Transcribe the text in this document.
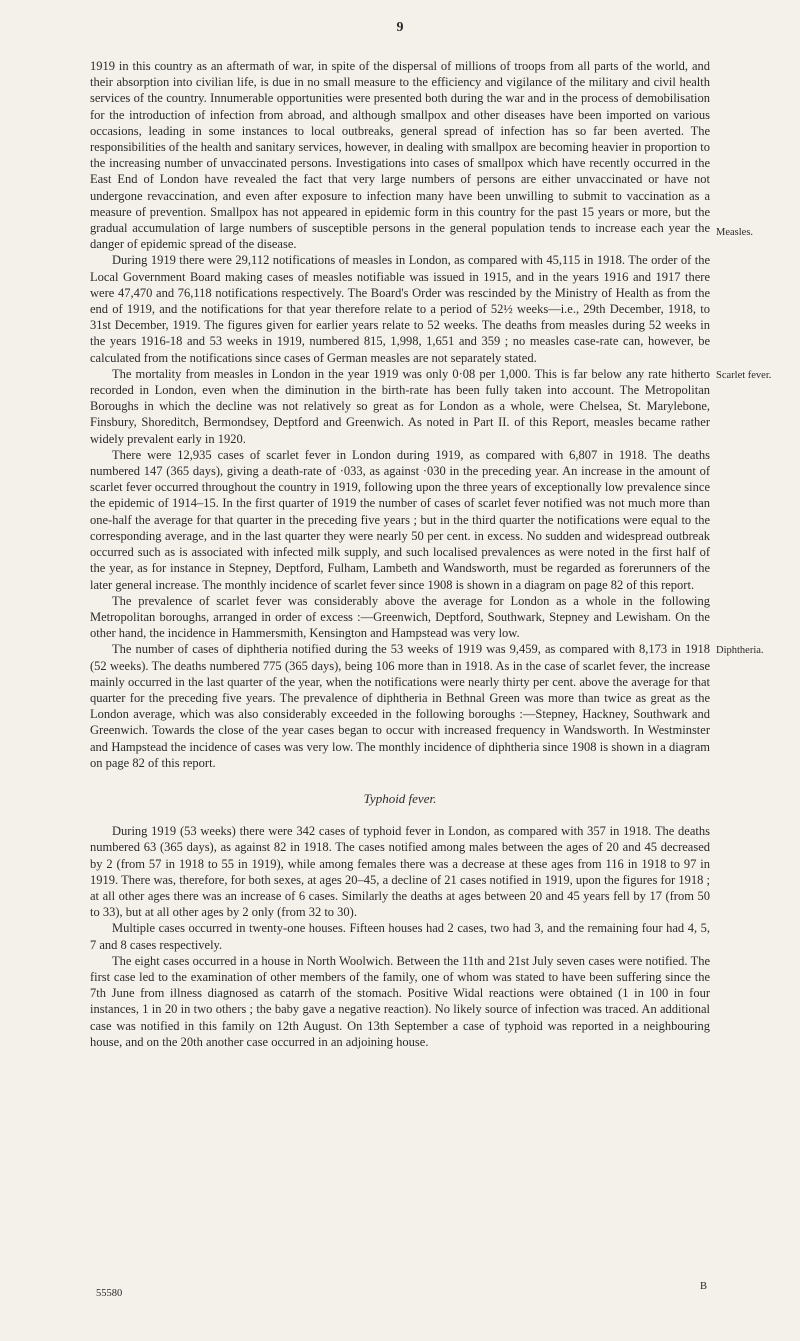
9

1919 in this country as an aftermath of war, in spite of the dispersal of millions of troops from all parts of the world, and their absorption into civilian life, is due in no small measure to the efficiency and vigilance of the military and civil health services of the country. Innumerable opportunities were presented both during the war and in the process of demobilisation for the introduction of infection from abroad, and although smallpox and other diseases have been imported on various occasions, leading in some instances to local outbreaks, general spread of infection has so far been averted. The responsibilities of the health and sanitary services, however, in dealing with smallpox are becoming heavier in proportion to the increasing number of unvaccinated persons. Investigations into cases of smallpox which have recently occurred in the East End of London have revealed the fact that very large numbers of persons are either unvaccinated or have not undergone revaccination, and even after exposure to infection many have been unwilling to submit to vaccination as a measure of prevention. Smallpox has not appeared in epidemic form in this country for the past 15 years or more, but the gradual accumulation of large numbers of susceptible persons in the general population tends to increase each year the danger of epidemic spread of the disease.

During 1919 there were 29,112 notifications of measles in London, as compared with 45,115 in 1918. The order of the Local Government Board making cases of measles notifiable was issued in 1915, and in the years 1916 and 1917 there were 47,470 and 76,118 notifications respectively. The Board's Order was rescinded by the Ministry of Health as from the end of 1919, and the notifications for that year therefore relate to a period of 52½ weeks—i.e., 29th December, 1918, to 31st December, 1919. The figures given for earlier years relate to 52 weeks. The deaths from measles during 52 weeks in the years 1916-18 and 53 weeks in 1919, numbered 815, 1,998, 1,651 and 359 ; no measles case-rate can, however, be calculated from the notifications since cases of German measles are not separately stated.

The mortality from measles in London in the year 1919 was only 0·08 per 1,000. This is far below any rate hitherto recorded in London, even when the diminution in the birth-rate has been fully taken into account. The Metropolitan Boroughs in which the decline was not relatively so great as for London as a whole, were Chelsea, St. Marylebone, Finsbury, Shoreditch, Bermondsey, Deptford and Greenwich. As noted in Part II. of this Report, measles became rather widely prevalent early in 1920.

There were 12,935 cases of scarlet fever in London during 1919, as compared with 6,807 in 1918. The deaths numbered 147 (365 days), giving a death-rate of ·033, as against ·030 in the preceding year. An increase in the amount of scarlet fever occurred throughout the country in 1919, following upon the three years of exceptionally low prevalence since the epidemic of 1914–15. In the first quarter of 1919 the number of cases of scarlet fever notified was not much more than one-half the average for that quarter in the preceding five years ; but in the third quarter the notifications were equal to the corresponding average, and in the last quarter they were nearly 50 per cent. in excess. No sudden and widespread outbreak occurred such as is associated with infected milk supply, and such localised prevalences as were noted in the first half of the year, as for instance in Stepney, Deptford, Fulham, Lambeth and Wandsworth, must be regarded as forerunners of the later general increase. The monthly incidence of scarlet fever since 1908 is shown in a diagram on page 82 of this report.

The prevalence of scarlet fever was considerably above the average for London as a whole in the following Metropolitan boroughs, arranged in order of excess :—Greenwich, Deptford, Southwark, Stepney and Lewisham. On the other hand, the incidence in Hammersmith, Kensington and Hampstead was very low.

The number of cases of diphtheria notified during the 53 weeks of 1919 was 9,459, as compared with 8,173 in 1918 (52 weeks). The deaths numbered 775 (365 days), being 106 more than in 1918. As in the case of scarlet fever, the increase mainly occurred in the last quarter of the year, when the notifications were nearly thirty per cent. above the average for that quarter for the preceding five years. The prevalence of diphtheria in Bethnal Green was more than twice as great as the London average, which was also considerably exceeded in the following boroughs :—Stepney, Hackney, Southwark and Greenwich. Towards the close of the year cases began to occur with increased frequency in Wandsworth. In Westminster and Hampstead the incidence of cases was very low. The monthly incidence of diphtheria since 1908 is shown in a diagram on page 82 of this report.

Typhoid fever.

During 1919 (53 weeks) there were 342 cases of typhoid fever in London, as compared with 357 in 1918. The deaths numbered 63 (365 days), as against 82 in 1918. The cases notified among males between the ages of 20 and 45 decreased by 2 (from 57 in 1918 to 55 in 1919), while among females there was a decrease at these ages from 116 in 1918 to 97 in 1919. There was, therefore, for both sexes, at ages 20–45, a decline of 21 cases notified in 1919, upon the figures for 1918 ; at all other ages there was an increase of 6 cases. Similarly the deaths at ages between 20 and 45 years fell by 17 (from 50 to 33), but at all other ages by 2 only (from 32 to 30).

Multiple cases occurred in twenty-one houses. Fifteen houses had 2 cases, two had 3, and the remaining four had 4, 5, 7 and 8 cases respectively.

The eight cases occurred in a house in North Woolwich. Between the 11th and 21st July seven cases were notified. The first case led to the examination of other members of the family, one of whom was stated to have been suffering since the 7th June from illness diagnosed as catarrh of the stomach. Positive Widal reactions were obtained (1 in 100 in four instances, 1 in 20 in two others ; the baby gave a negative reaction). No likely source of infection was traced. An additional case was notified in this family on 12th August. On 13th September a case of typhoid was reported in a neighbouring house, and on the 20th another case occurred in an adjoining house.

Measles.
Scarlet fever.
Diphtheria.
55580
B
